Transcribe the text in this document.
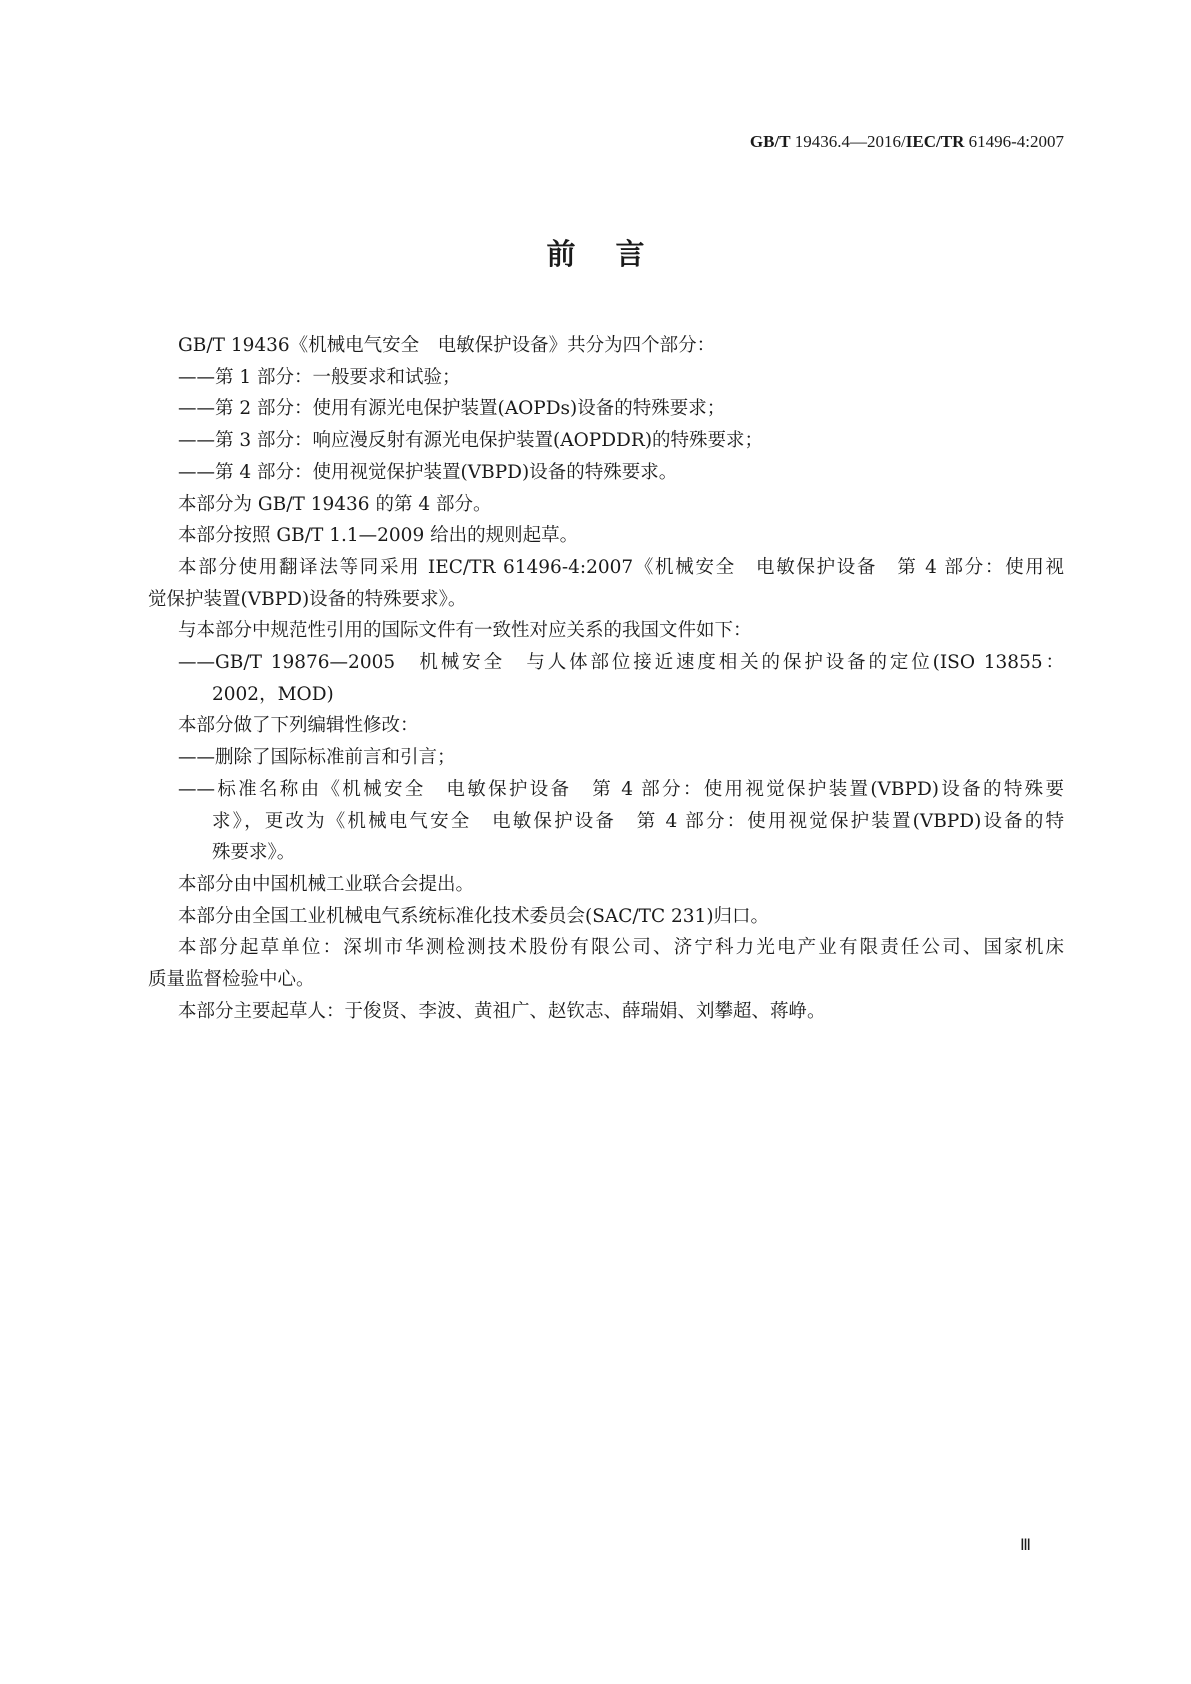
GB/T 19436.4—2016/IEC/TR 61496-4:2007
前言
GB/T 19436《机械电气安全　电敏保护设备》共分为四个部分：
——第 1 部分：一般要求和试验；
——第 2 部分：使用有源光电保护装置(AOPDs)设备的特殊要求；
——第 3 部分：响应漫反射有源光电保护装置(AOPDDR)的特殊要求；
——第 4 部分：使用视觉保护装置(VBPD)设备的特殊要求。
本部分为 GB/T 19436 的第 4 部分。
本部分按照 GB/T 1.1—2009 给出的规则起草。
本部分使用翻译法等同采用 IEC/TR 61496-4:2007《机械安全　电敏保护设备　第 4 部分：使用视
觉保护装置(VBPD)设备的特殊要求》。
与本部分中规范性引用的国际文件有一致性对应关系的我国文件如下：
——GB/T 19876—2005　机械安全　与人体部位接近速度相关的保护设备的定位(ISO 13855：
2002，MOD)
本部分做了下列编辑性修改：
——删除了国际标准前言和引言；
——标准名称由《机械安全　电敏保护设备　第 4 部分：使用视觉保护装置(VBPD)设备的特殊要
求》，更改为《机械电气安全　电敏保护设备　第 4 部分：使用视觉保护装置(VBPD)设备的特
殊要求》。
本部分由中国机械工业联合会提出。
本部分由全国工业机械电气系统标准化技术委员会(SAC/TC 231)归口。
本部分起草单位：深圳市华测检测技术股份有限公司、济宁科力光电产业有限责任公司、国家机床
质量监督检验中心。
本部分主要起草人：于俊贤、李波、黄祖广、赵钦志、薛瑞娟、刘攀超、蒋峥。
Ⅲ
